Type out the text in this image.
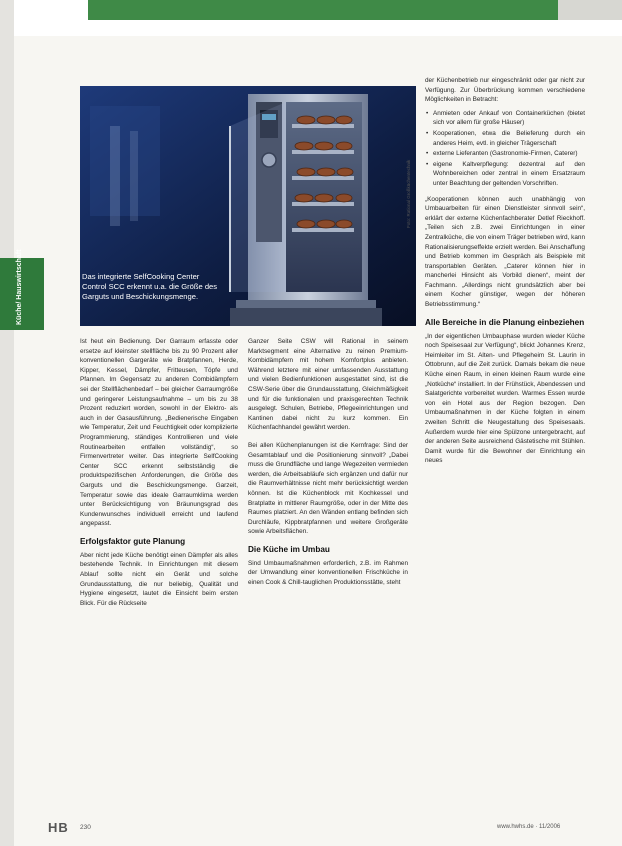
Das integrierte SelfCooking Center Control SCC erkennt u.a. die Größe des Garguts und Beschickungsmenge.
Foto: Rational Großküchentechnik
Küche/ Hauswirtschaft

Ist heut ein Bedienung. Der Garraum erfasste oder ersetze auf kleinster stellfläche bis zu 90 Prozent aller konventionellen Gargeräte wie Bratpfannen, Herde, Kipper, Kessel, Dämpfer, Fritteusen, Töpfe und Pfannen. Im Gegensatz zu anderen Combidämpfern sei der Stellflächenbedarf – bei gleicher Garraumgröße und geringerer Leistungsaufnahme – um bis zu 38 Prozent reduziert worden, sowohl in der Elektro- als auch in der Gasausführung. „Bedienerische Eingaben wie Temperatur, Zeit und Feuchtigkeit oder komplizierte Programmierung, ständiges Kontrollieren und viele Routinearbeiten entfallen vollständig“, so Firmenvertreter weiter. Das integrierte SelfCooking Center SCC erkennt selbstständig die produktspezifischen Anforderungen, die Größe des Garguts und die Beschickungsmenge. Garzeit, Temperatur sowie das ideale Garraumklima werden unter Berücksichtigung von Bräunungsgrad des Kundenwunsches individuell erreicht und laufend angepasst.

Erfolgsfaktor gute Planung

Aber nicht jede Küche benötigt einen Dämpfer als alles bestehende Technik. In Einrichtungen mit diesem Ablauf sollte nicht ein Gerät und solche Grundausstattung, die nur beliebig, Qualität und Hygiene eingesetzt, lautet die Einsicht beim ersten Blick. Für die Rückseite

Ganzer Seite CSW will Rational in seinem Marktsegment eine Alternative zu reinen Premium-Kombidämpfern mit hohem Komfortplus anbieten. Während letztere mit einer umfassenden Ausstattung und vielen Bedienfunktionen ausgestattet sind, ist die CSW-Serie über die Grundausstattung, Gleichmäßigkeit und für die funktionalen und praxisgerechten Technik ausgelegt. Schulen, Betriebe, Pflegeeinrichtungen und Kantinen dabei nicht zu kurz kommen. Ein Küchenfachhandel gewährt werden.

Bei allen Küchenplanungen ist die Kernfrage: Sind der Gesamtablauf und die Positionierung sinnvoll? „Dabei muss die Grundfläche und lange Wegezeiten vermieden werden, die Arbeitsabläufe sich ergänzen und dafür nur die Raumverhältnisse nicht mehr berücksichtigt werden können. Ist die Küchenblock mit Kochkessel und Bratplatte in mittlerer Raumgröße, oder in der Mitte des Raumes platziert. An den Wänden entlang befinden sich Durchläufe, Kippbratpfannen und weitere Großgeräte sowie Arbeitsflächen.

Die Küche im Umbau

Sind Umbaumaßnahmen erforderlich, z.B. im Rahmen der Umwandlung einer konventionellen Frischküche in einen Cook & Chill-tauglichen Produktionsstätte, steht

der Küchenbetrieb nur eingeschränkt oder gar nicht zur Verfügung. Zur Überbrückung kommen verschiedene Möglichkeiten in Betracht:

• Anmieten oder Ankauf von Containerküchen (bietet sich vor allem für große Häuser)
• Kooperationen, etwa die Belieferung durch ein anderes Heim, evtl. in gleicher Trägerschaft
• externe Lieferanten (Gastronomie-Firmen, Caterer)
• eigene Kaltverpflegung: dezentral auf den Wohnbereichen oder zentral in einem Ersatzraum unter Beachtung der geltenden Vorschriften.

„Kooperationen können auch unabhängig von Umbauarbeiten für einen Dienstleister sinnvoll sein“, erklärt der externe Küchenfachberater Detlef Rieckhoff. „Teilen sich z.B. zwei Einrichtungen in einer Zentralküche, die von einem Träger betrieben wird, kann Rationalisierungseffekte erzielt werden. Bei Anschaffung und Betrieb kommen im Gespräch als Beispiele mit transportablen Geräten. „Caterer können hier in mancherlei Hinsicht als Vorbild dienen“, meint der Fachmann. „Allerdings nicht grundsätzlich aber bei einem Kocher günstiger, wegen der höheren Betriebsstimmung.“

Alle Bereiche in die Planung einbeziehen

„In der eigentlichen Umbauphase wurden wieder Küche noch Speisesaal zur Verfügung“, blickt Johannes Krenz, Heimleiter im St. Alten- und Pflegeheim St. Laurin in Ottobrunn, auf die Zeit zurück. Damals bekam die neue Küche einen Raum, in einen kleinen Raum wurde eine „Notküche“ installiert. In der Frühstück, Abendessen und Salatgerichte vorbereitet wurden. Warmes Essen wurde von ein Hotel aus der Region bezogen. Den Umbaumaßnahmen in der Küche folgten in einem zweiten Schritt die Neugestaltung des Speisesaals. Außerdem wurde hier eine Spülzone untergebracht, auf der anderen Seite ausreichend Gästetische mit Stühlen. Damit wurde für die Bewohner der Einrichtung ein neues

HB 230	www.hwhs.de · 11/2006
